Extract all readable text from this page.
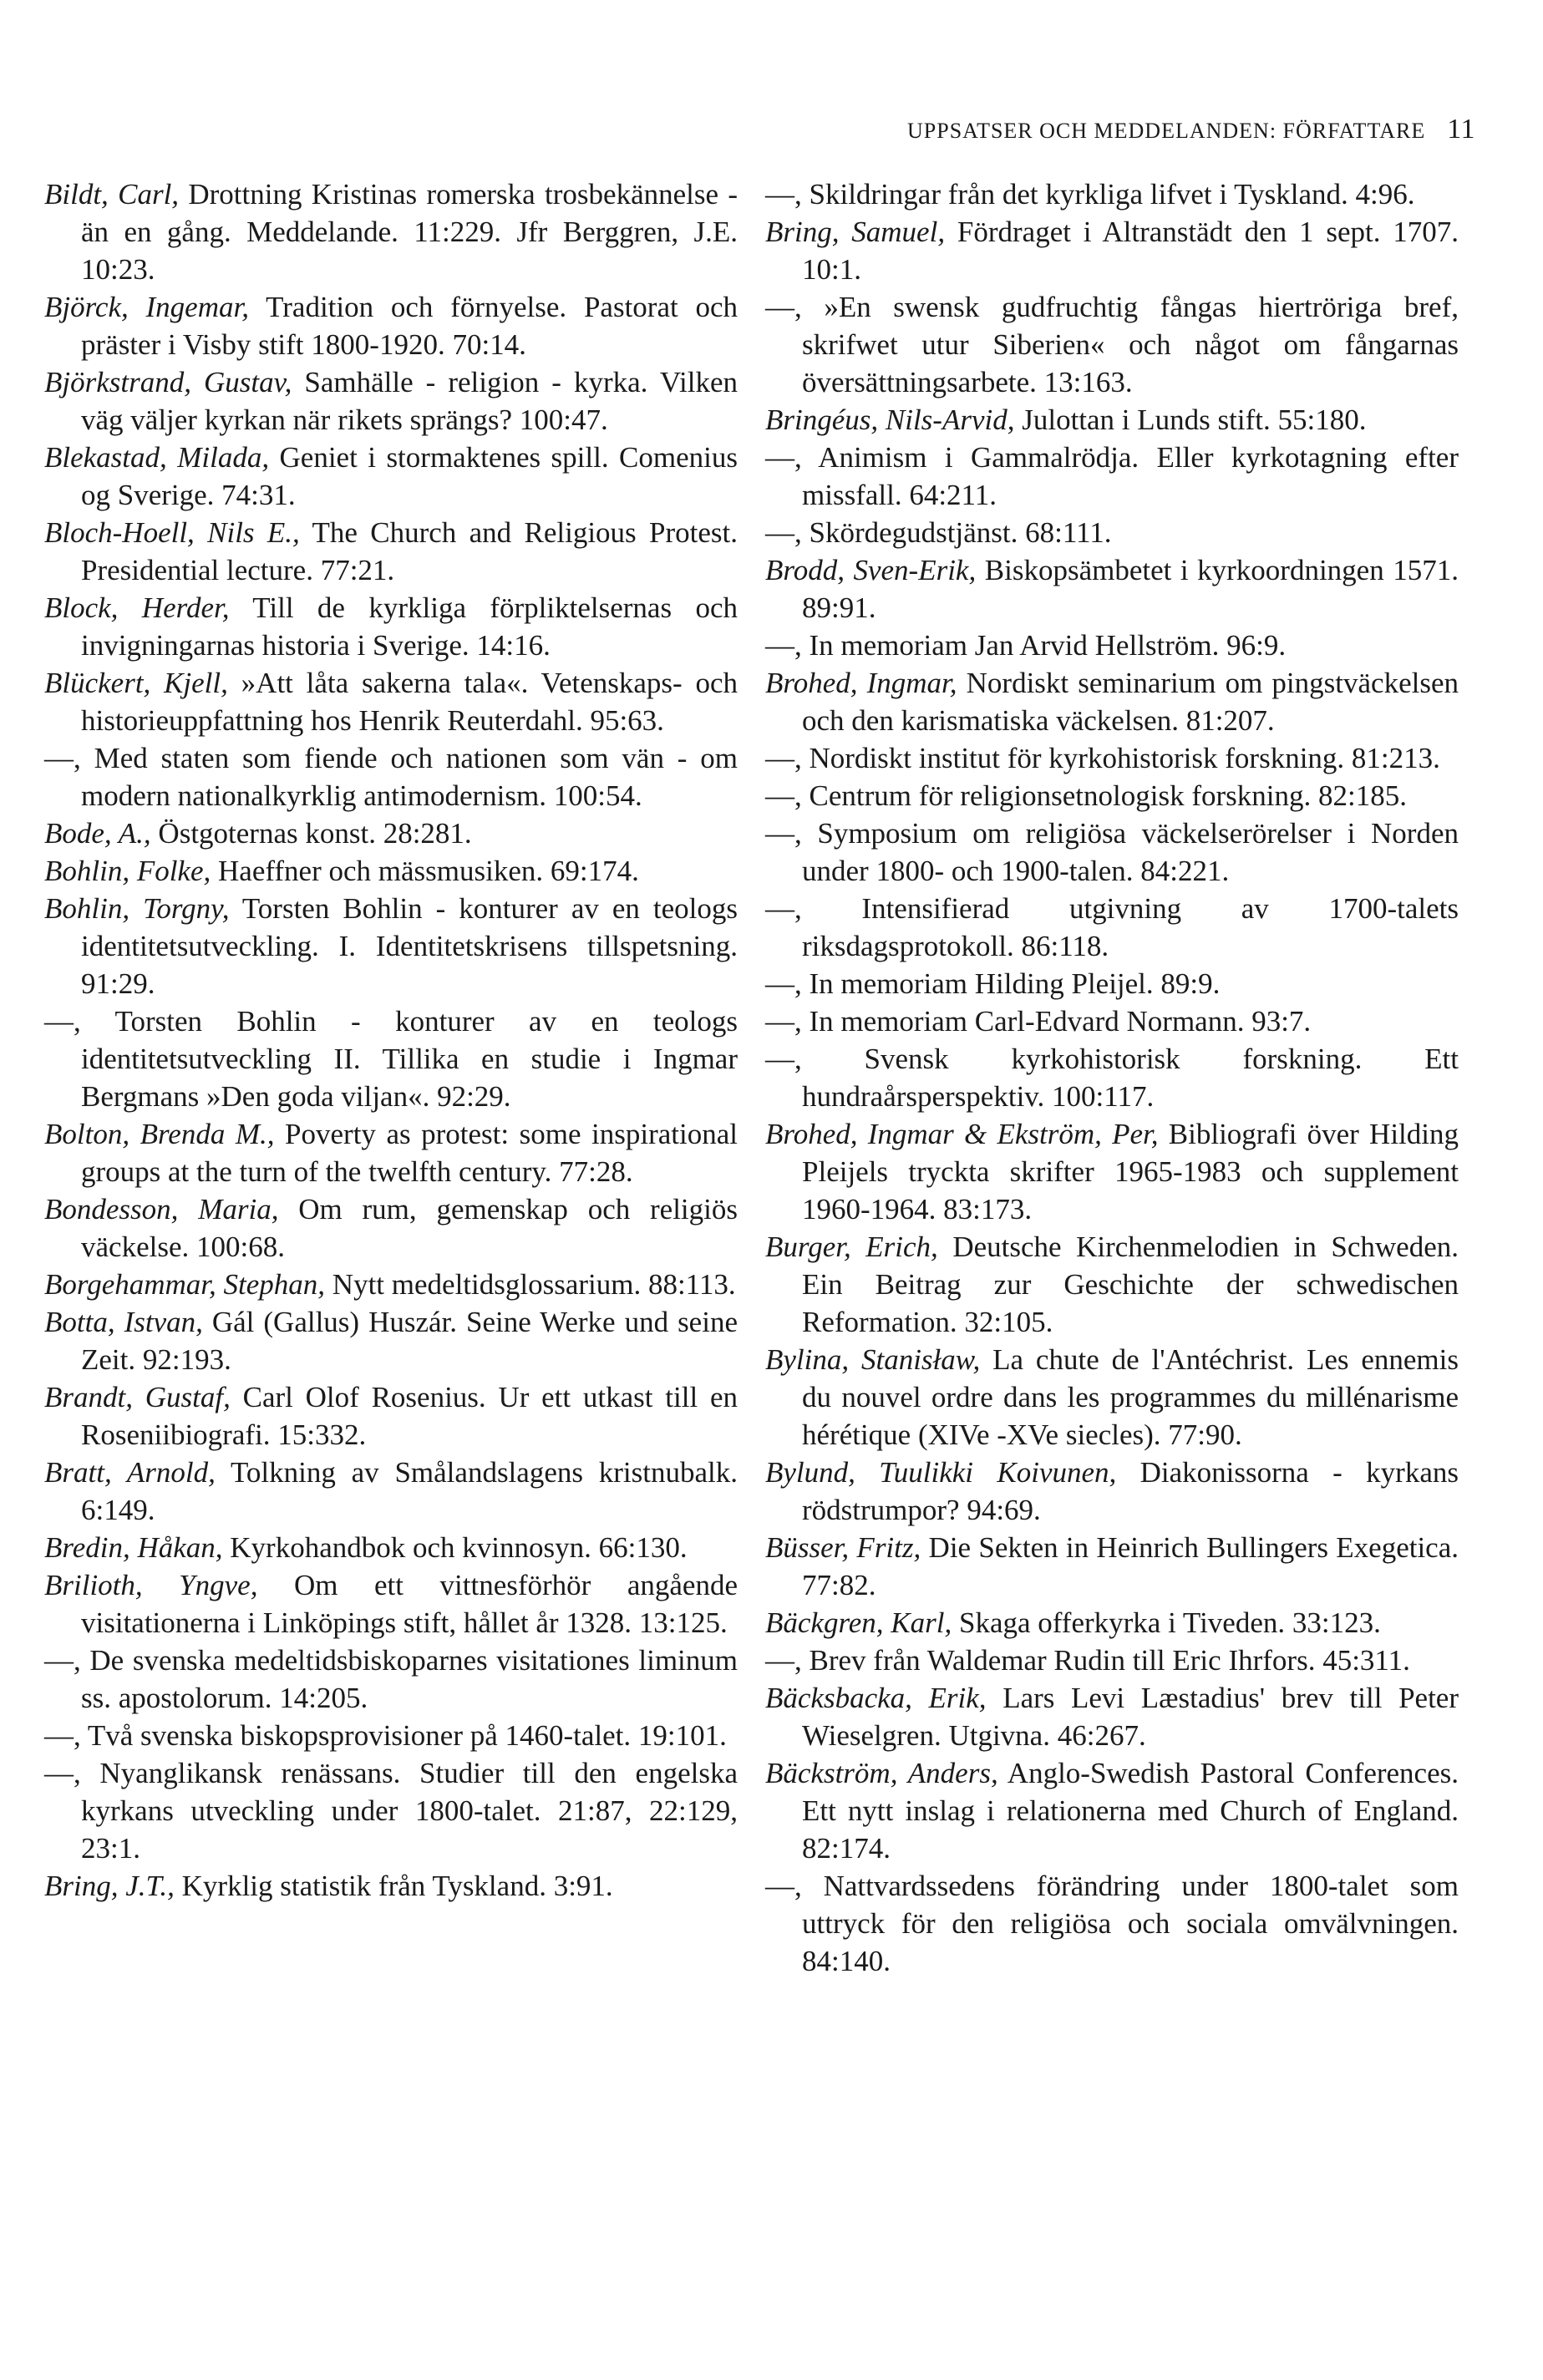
UPPSATSER OCH MEDDELANDEN: FÖRFATTARE 11

Bildt, Carl, Drottning Kristinas romerska trosbekännelse - än en gång. Meddelande. 11:229. Jfr Berggren, J.E. 10:23.

Björck, Ingemar, Tradition och förnyelse. Pastorat och präster i Visby stift 1800-1920. 70:14.

Björkstrand, Gustav, Samhälle - religion - kyrka. Vilken väg väljer kyrkan när rikets sprängs? 100:47.

Blekastad, Milada, Geniet i stormaktenes spill. Comenius og Sverige. 74:31.

Bloch-Hoell, Nils E., The Church and Religious Protest. Presidential lecture. 77:21.

Block, Herder, Till de kyrkliga förpliktelsernas och invigningarnas historia i Sverige. 14:16.

Blückert, Kjell, »Att låta sakerna tala«. Vetenskaps- och historieuppfattning hos Henrik Reuterdahl. 95:63.

—, Med staten som fiende och nationen som vän - om modern nationalkyrklig antimodernism. 100:54.

Bode, A., Östgoternas konst. 28:281.

Bohlin, Folke, Haeffner och mässmusiken. 69:174.

Bohlin, Torgny, Torsten Bohlin - konturer av en teologs identitetsutveckling. I. Identitetskrisens tillspetsning. 91:29.

—, Torsten Bohlin - konturer av en teologs identitetsutveckling II. Tillika en studie i Ingmar Bergmans »Den goda viljan«. 92:29.

Bolton, Brenda M., Poverty as protest: some inspirational groups at the turn of the twelfth century. 77:28.

Bondesson, Maria, Om rum, gemenskap och religiös väckelse. 100:68.

Borgehammar, Stephan, Nytt medeltidsglossarium. 88:113.

Botta, Istvan, Gál (Gallus) Huszár. Seine Werke und seine Zeit. 92:193.

Brandt, Gustaf, Carl Olof Rosenius. Ur ett utkast till en Roseniibiografi. 15:332.

Bratt, Arnold, Tolkning av Smålandslagens kristnubalk. 6:149.

Bredin, Håkan, Kyrkohandbok och kvinnosyn. 66:130.

Brilioth, Yngve, Om ett vittnesförhör angående visitationerna i Linköpings stift, hållet år 1328. 13:125.

—, De svenska medeltidsbiskoparnes visitationes liminum ss. apostolorum. 14:205.

—, Två svenska biskopsprovisioner på 1460-talet. 19:101.

—, Nyanglikansk renässans. Studier till den engelska kyrkans utveckling under 1800-talet. 21:87, 22:129, 23:1.

Bring, J.T., Kyrklig statistik från Tyskland. 3:91.

—, Skildringar från det kyrkliga lifvet i Tyskland. 4:96.

Bring, Samuel, Fördraget i Altranstädt den 1 sept. 1707. 10:1.

—, »En swensk gudfruchtig fångas hiertröriga bref, skrifwet utur Siberien« och något om fångarnas översättningsarbete. 13:163.

Bringéus, Nils-Arvid, Julottan i Lunds stift. 55:180.

—, Animism i Gammalrödja. Eller kyrkotagning efter missfall. 64:211.

—, Skördegudstjänst. 68:111.

Brodd, Sven-Erik, Biskopsämbetet i kyrkoordningen 1571. 89:91.

—, In memoriam Jan Arvid Hellström. 96:9.

Brohed, Ingmar, Nordiskt seminarium om pingstväckelsen och den karismatiska väckelsen. 81:207.

—, Nordiskt institut för kyrkohistorisk forskning. 81:213.

—, Centrum för religionsetnologisk forskning. 82:185.

—, Symposium om religiösa väckelserörelser i Norden under 1800- och 1900-talen. 84:221.

—, Intensifierad utgivning av 1700-talets riksdagsprotokoll. 86:118.

—, In memoriam Hilding Pleijel. 89:9.

—, In memoriam Carl-Edvard Normann. 93:7.

—, Svensk kyrkohistorisk forskning. Ett hundraårsperspektiv. 100:117.

Brohed, Ingmar & Ekström, Per, Bibliografi över Hilding Pleijels tryckta skrifter 1965-1983 och supplement 1960-1964. 83:173.

Burger, Erich, Deutsche Kirchenmelodien in Schweden. Ein Beitrag zur Geschichte der schwedischen Reformation. 32:105.

Bylina, Stanisław, La chute de l'Antéchrist. Les ennemis du nouvel ordre dans les programmes du millénarisme hérétique (XIVe -XVe siecles). 77:90.

Bylund, Tuulikki Koivunen, Diakonissorna - kyrkans rödstrumpor? 94:69.

Büsser, Fritz, Die Sekten in Heinrich Bullingers Exegetica. 77:82.

Bäckgren, Karl, Skaga offerkyrka i Tiveden. 33:123.

—, Brev från Waldemar Rudin till Eric Ihrfors. 45:311.

Bäcksbacka, Erik, Lars Levi Læstadius' brev till Peter Wieselgren. Utgivna. 46:267.

Bäckström, Anders, Anglo-Swedish Pastoral Conferences. Ett nytt inslag i relationerna med Church of England. 82:174.

—, Nattvardssedens förändring under 1800-talet som uttryck för den religiösa och sociala omvälvningen. 84:140.
